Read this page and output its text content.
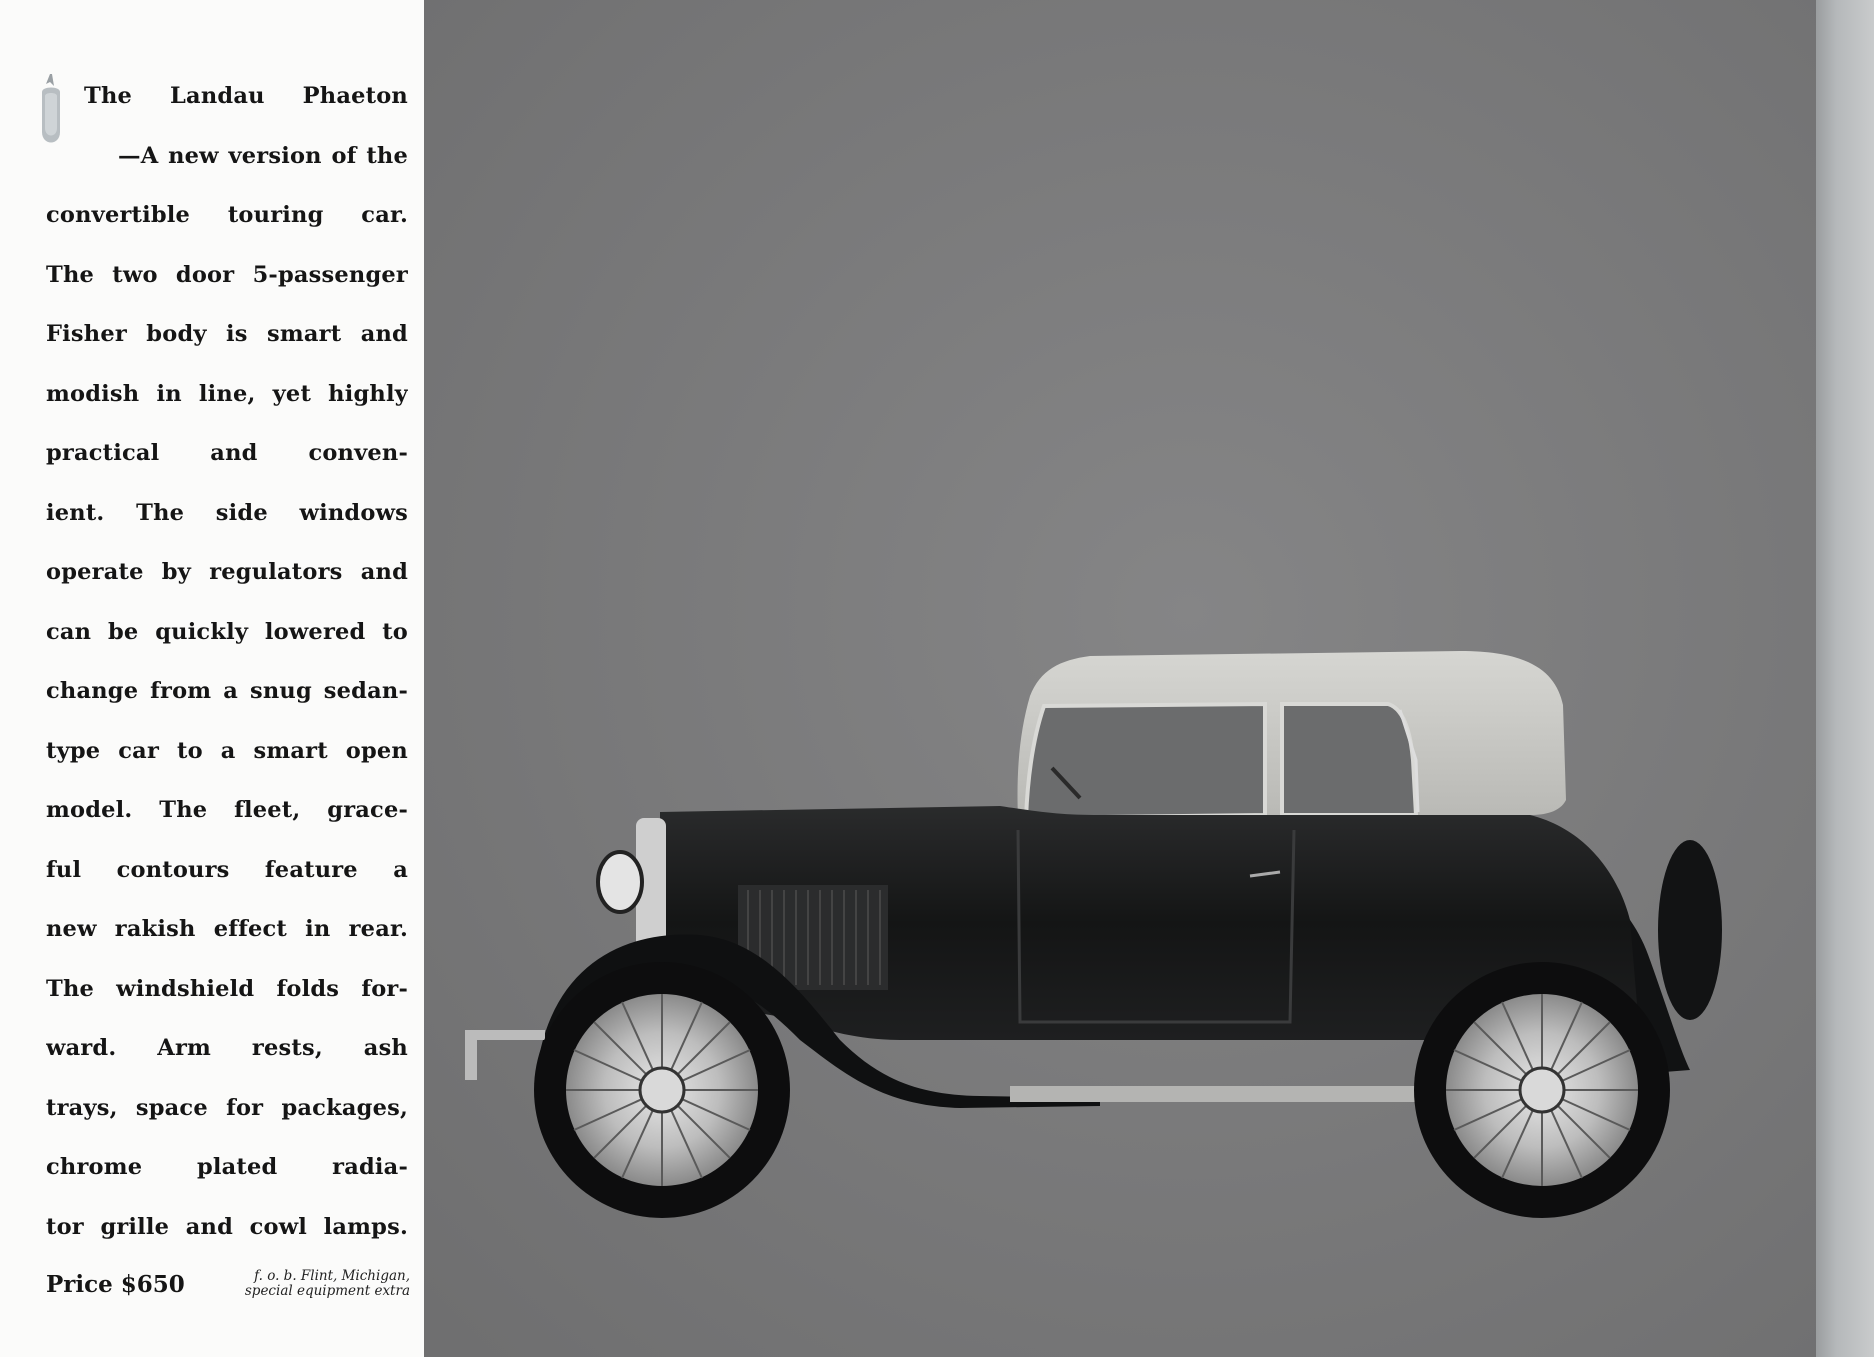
The Landau Phaeton
—A new version of the
convertible touring car.
The two door 5-passenger
Fisher body is smart and
modish in line, yet highly
practical and conven-
ient. The side windows
operate by regulators and
can be quickly lowered to
change from a snug sedan-
type car to a smart open
model. The fleet, grace-
ful contours feature a
new rakish effect in rear.
The windshield folds for-
ward. Arm rests, ash
trays, space for packages,
chrome plated radia-
tor grille and cowl lamps.
Price $650	f. o. b. Flint, Michigan,
special equipment extra
